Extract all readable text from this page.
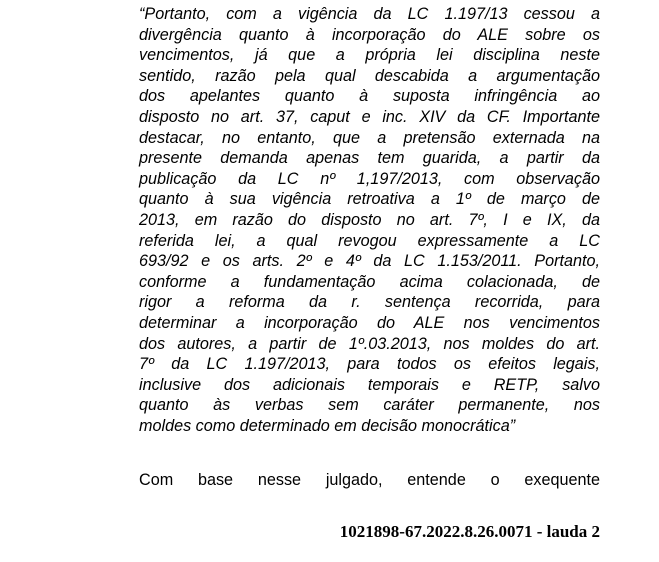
“Portanto, com a vigência da LC 1.197/13 cessou a
divergência quanto à incorporação do ALE sobre os
vencimentos, já que a própria lei disciplina neste
sentido, razão pela qual descabida a argumentação
dos apelantes quanto à suposta infringência ao
disposto no art. 37, caput e inc. XIV da CF. Importante
destacar, no entanto, que a pretensão externada na
presente demanda apenas tem guarida, a partir da
publicação da LC nº 1,197/2013, com observação
quanto à sua vigência retroativa a 1º de março de
2013, em razão do disposto no art. 7º, I e IX, da
referida lei, a qual revogou expressamente a LC
693/92 e os arts. 2º e 4º da LC 1.153/2011. Portanto,
conforme a fundamentação acima colacionada, de
rigor a reforma da r. sentença recorrida, para
determinar a incorporação do ALE nos vencimentos
dos autores, a partir de 1º.03.2013, nos moldes do art.
7º da LC 1.197/2013, para todos os efeitos legais,
inclusive dos adicionais temporais e RETP, salvo
quanto às verbas sem caráter permanente, nos
moldes como determinado em decisão monocrática”

Com base nesse julgado, entende o exequente

1021898-67.2022.8.26.0071 - lauda 2
